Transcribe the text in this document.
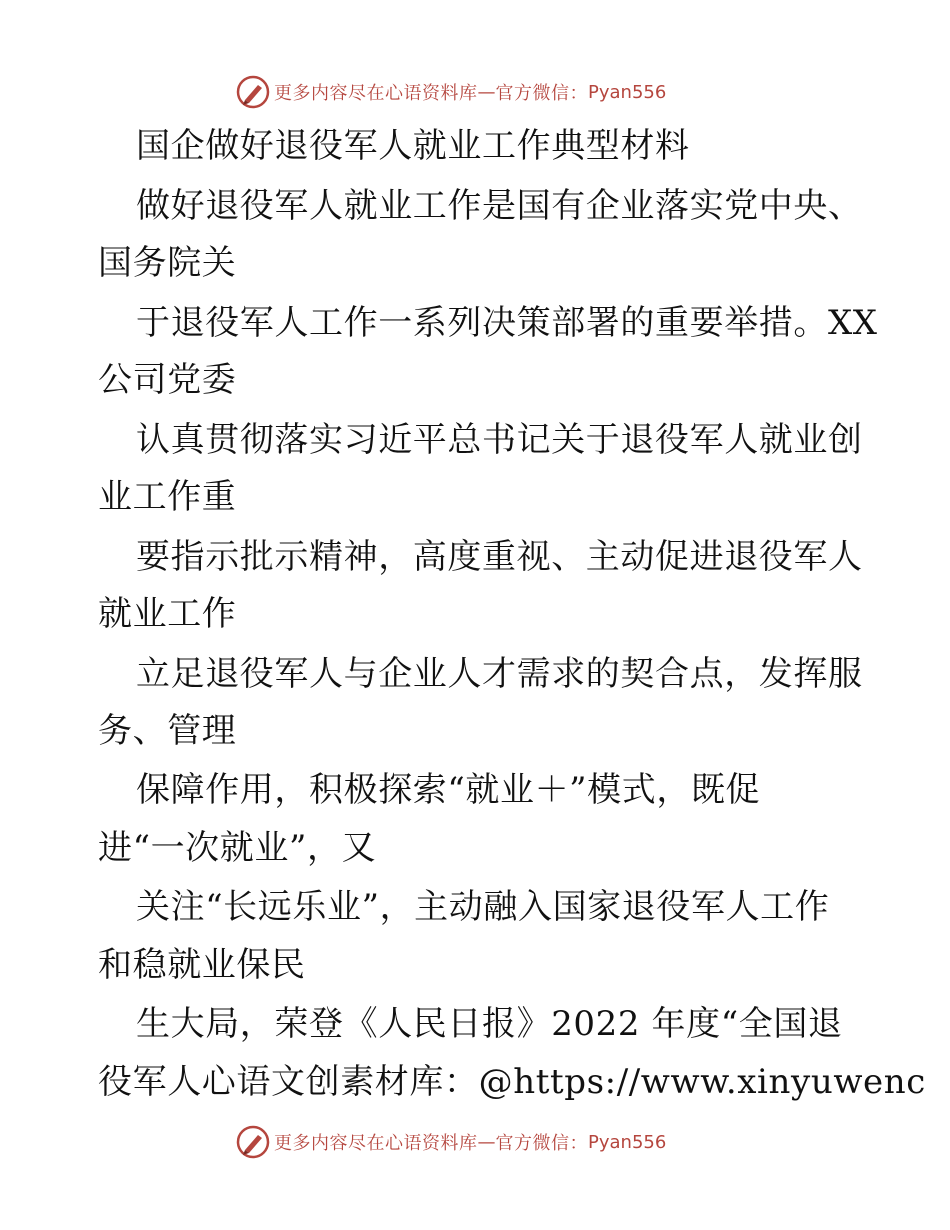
更多内容尽在心语资料库 — 官方微信： Pyan556
国企做好退役军人就业工作典型材料
做好退役军人就业工作是国有企业落实党中央、
国务院关
于退役军人工作一系列决策部署的重要举措。XX
公司党委
认真贯彻落实习近平总书记关于退役军人就业创
业工作重
要指示批示精神，高度重视、主动促进退役军人
就业工作
立足退役军人与企业人才需求的契合点，发挥服
务、管理
保障作用，积极探索“就业＋”模式，既促
进“一次就业”，又
关注“长远乐业”，主动融入国家退役军人工作
和稳就业保民
生大局，荣登《人民日报》2022 年度“全国退
役军人心语文创素材库：@https://www.xinyuwenc
更多内容尽在心语资料库 — 官方微信： Pyan556
